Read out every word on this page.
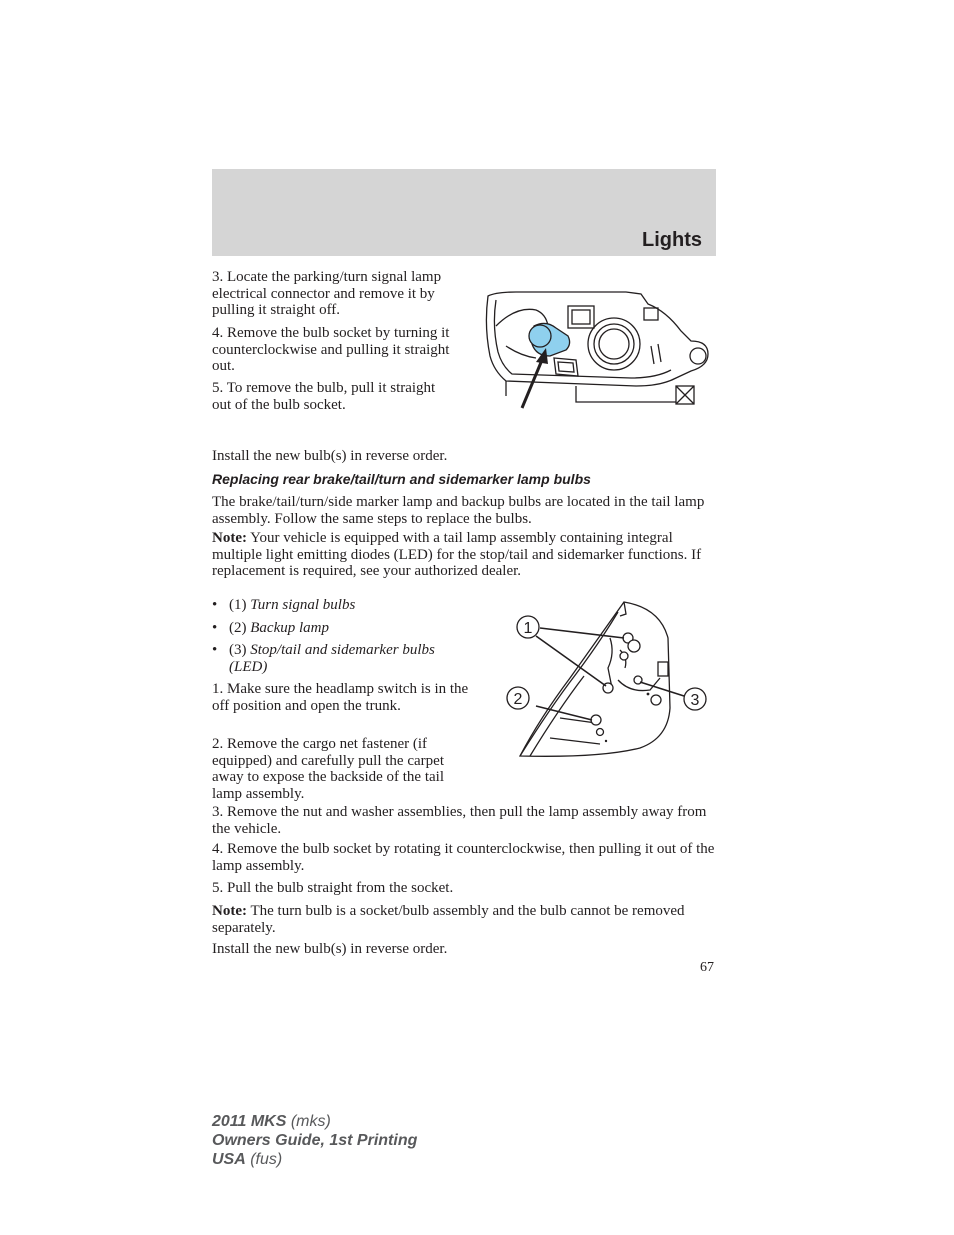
Lights

3. Locate the parking/turn signal lamp electrical connector and remove it by pulling it straight off.

4. Remove the bulb socket by turning it counterclockwise and pulling it straight out.

5. To remove the bulb, pull it straight out of the bulb socket.

Install the new bulb(s) in reverse order.

Replacing rear brake/tail/turn and sidemarker lamp bulbs

The brake/tail/turn/side marker lamp and backup bulbs are located in the tail lamp assembly. Follow the same steps to replace the bulbs.

Note: Your vehicle is equipped with a tail lamp assembly containing integral multiple light emitting diodes (LED) for the stop/tail and sidemarker functions. If replacement is required, see your authorized dealer.

• (1) Turn signal bulbs
• (2) Backup lamp
• (3) Stop/tail and sidemarker bulbs (LED)

1. Make sure the headlamp switch is in the off position and open the trunk.

2. Remove the cargo net fastener (if equipped) and carefully pull the carpet away to expose the backside of the tail lamp assembly.

1
2	3

3. Remove the nut and washer assemblies, then pull the lamp assembly away from the vehicle.

4. Remove the bulb socket by rotating it counterclockwise, then pulling it out of the lamp assembly.

5. Pull the bulb straight from the socket.

Note: The turn bulb is a socket/bulb assembly and the bulb cannot be removed separately.

Install the new bulb(s) in reverse order.

67
2011 MKS (mks)
Owners Guide, 1st Printing
USA (fus)
